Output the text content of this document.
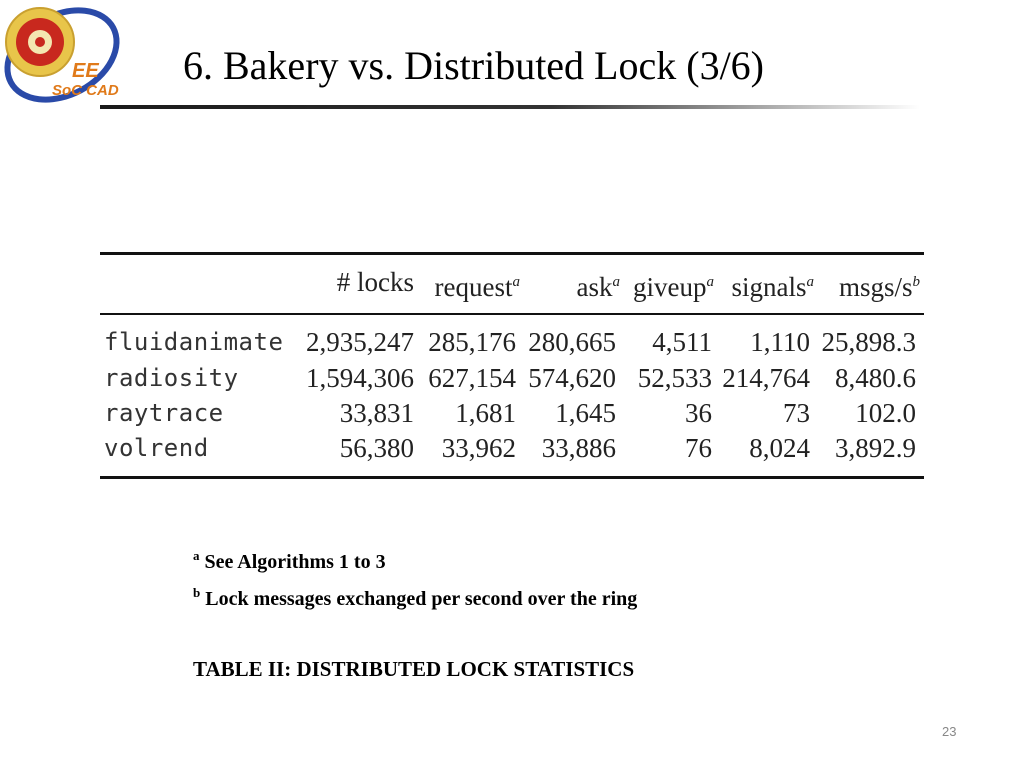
EE
SoC CAD
6. Bakery vs. Distributed Lock (3/6)
# locks request$^a$	ask$^a$ giveup$^a$ signals$^a$ msgs/$s^b$
fluidanimate 2,935,247 285,176 280,665	4,511	1,110 25,898.3
radiosity 1,594,306 627,154 574,620 52,533 214,764 8,480.6
raytrace	33,831	1,681	1,645	36	73	102.0
volrend	56,380	33,962 33,886	76	8,024 3,892.9
$^a$ See Algorithms 1 to 3
$^b$ Lock messages exchanged per second over the ring
TABLE II: DISTRIBUTED LOCK STATISTICS
23
